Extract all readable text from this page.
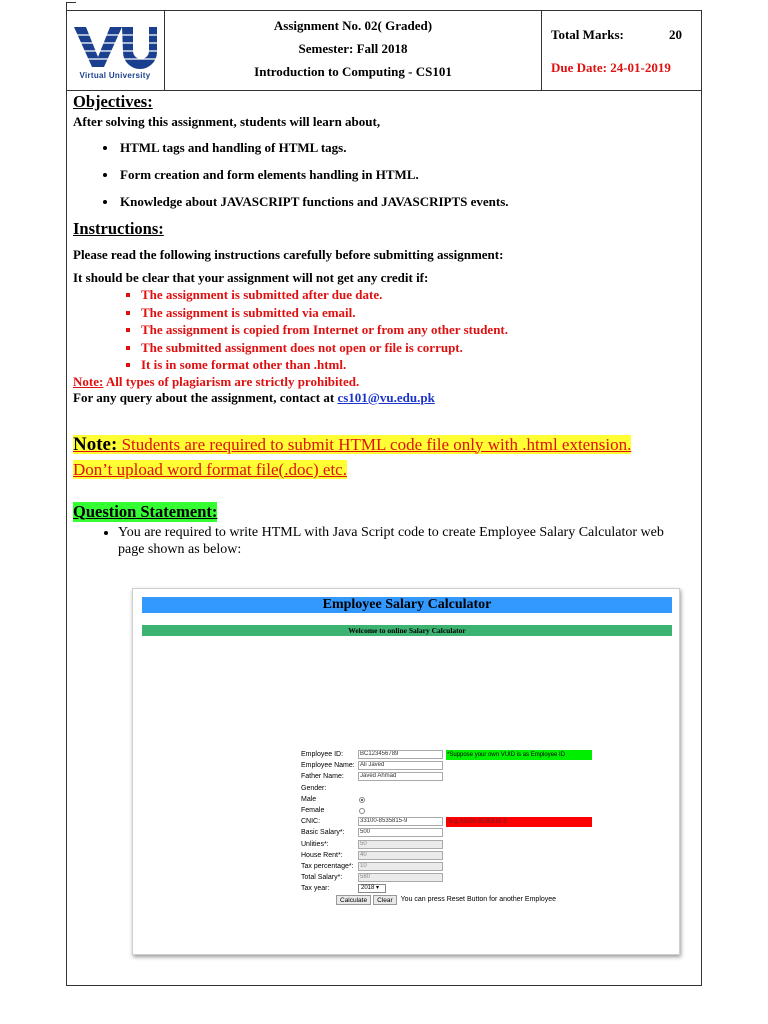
Virtual University
Assignment No. 02( Graded)
Semester: Fall 2018
Introduction to Computing - CS101
Total Marks:	20
Due Date: 24-01-2019
Objectives:
After solving this assignment, students will learn about,
• HTML tags and handling of HTML tags.
• Form creation and form elements handling in HTML.
• Knowledge about JAVASCRIPT functions and JAVASCRIPTS events.
Instructions:
Please read the following instructions carefully before submitting assignment:
It should be clear that your assignment will not get any credit if:
▪ The assignment is submitted after due date.
▪ The assignment is submitted via email.
▪ The assignment is copied from Internet or from any other student.
▪ The submitted assignment does not open or file is corrupt.
▪ It is in some format other than .html.
Note: All types of plagiarism are strictly prohibited.
For any query about the assignment, contact at cs101@vu.edu.pk
Note: Students are required to submit HTML code file only with .html extension.
Don’t upload word format file(.doc) etc.
Question Statement:
• You are required to write HTML with Java Script code to create Employee Salary Calculator web page shown as below:
Employee Salary Calculator
Welcome to online Salary Calculator
Employee ID:	BC123456789	*Suppose your own VUID is as Employee ID
Employee Name: Ali Javed
Father Name:	Javed Ahmad
Gender:
Male
Female
CNIC:	33100-8535815-9	*e.g.33100-8535815-9
Basic Salary*:	500
Unlities*:	50
House Rent*:	40
Tax percentage*:	10
Total Salary*:	580
Tax year:	2018 ▾
Calculate	Clear	You can press Reset Button for another Employee
